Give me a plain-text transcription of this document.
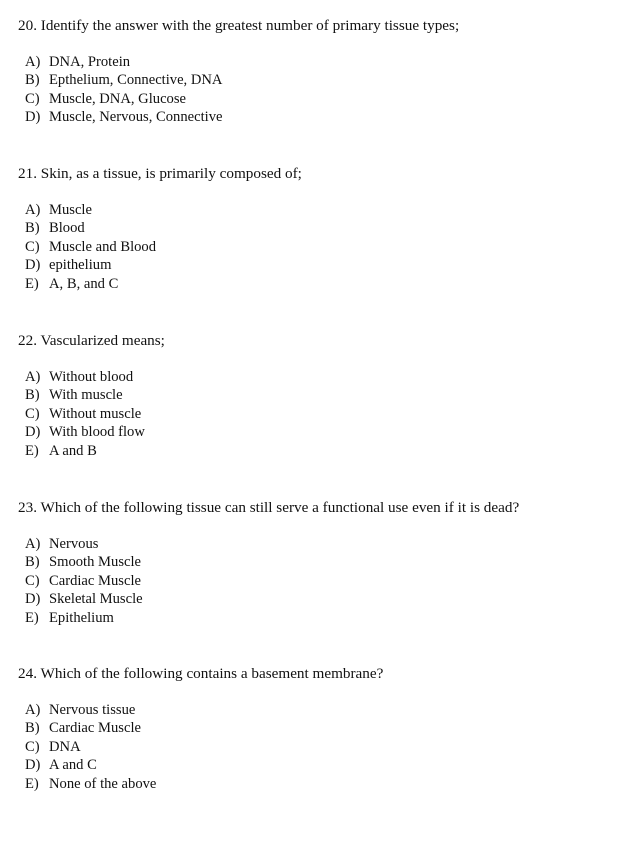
20. Identify the answer with the greatest number of primary tissue types;
A) DNA, Protein
B) Epthelium, Connective, DNA
C) Muscle, DNA, Glucose
D) Muscle, Nervous, Connective
21. Skin, as a tissue, is primarily composed of;
A) Muscle
B) Blood
C) Muscle and Blood
D) epithelium
E) A, B, and C
22. Vascularized means;
A) Without blood
B) With muscle
C) Without muscle
D) With blood flow
E) A and B
23. Which of the following tissue can still serve a functional use even if it is dead?
A) Nervous
B) Smooth Muscle
C) Cardiac Muscle
D) Skeletal Muscle
E) Epithelium
24. Which of the following contains a basement membrane?
A) Nervous tissue
B) Cardiac Muscle
C) DNA
D) A and C
E) None of the above
